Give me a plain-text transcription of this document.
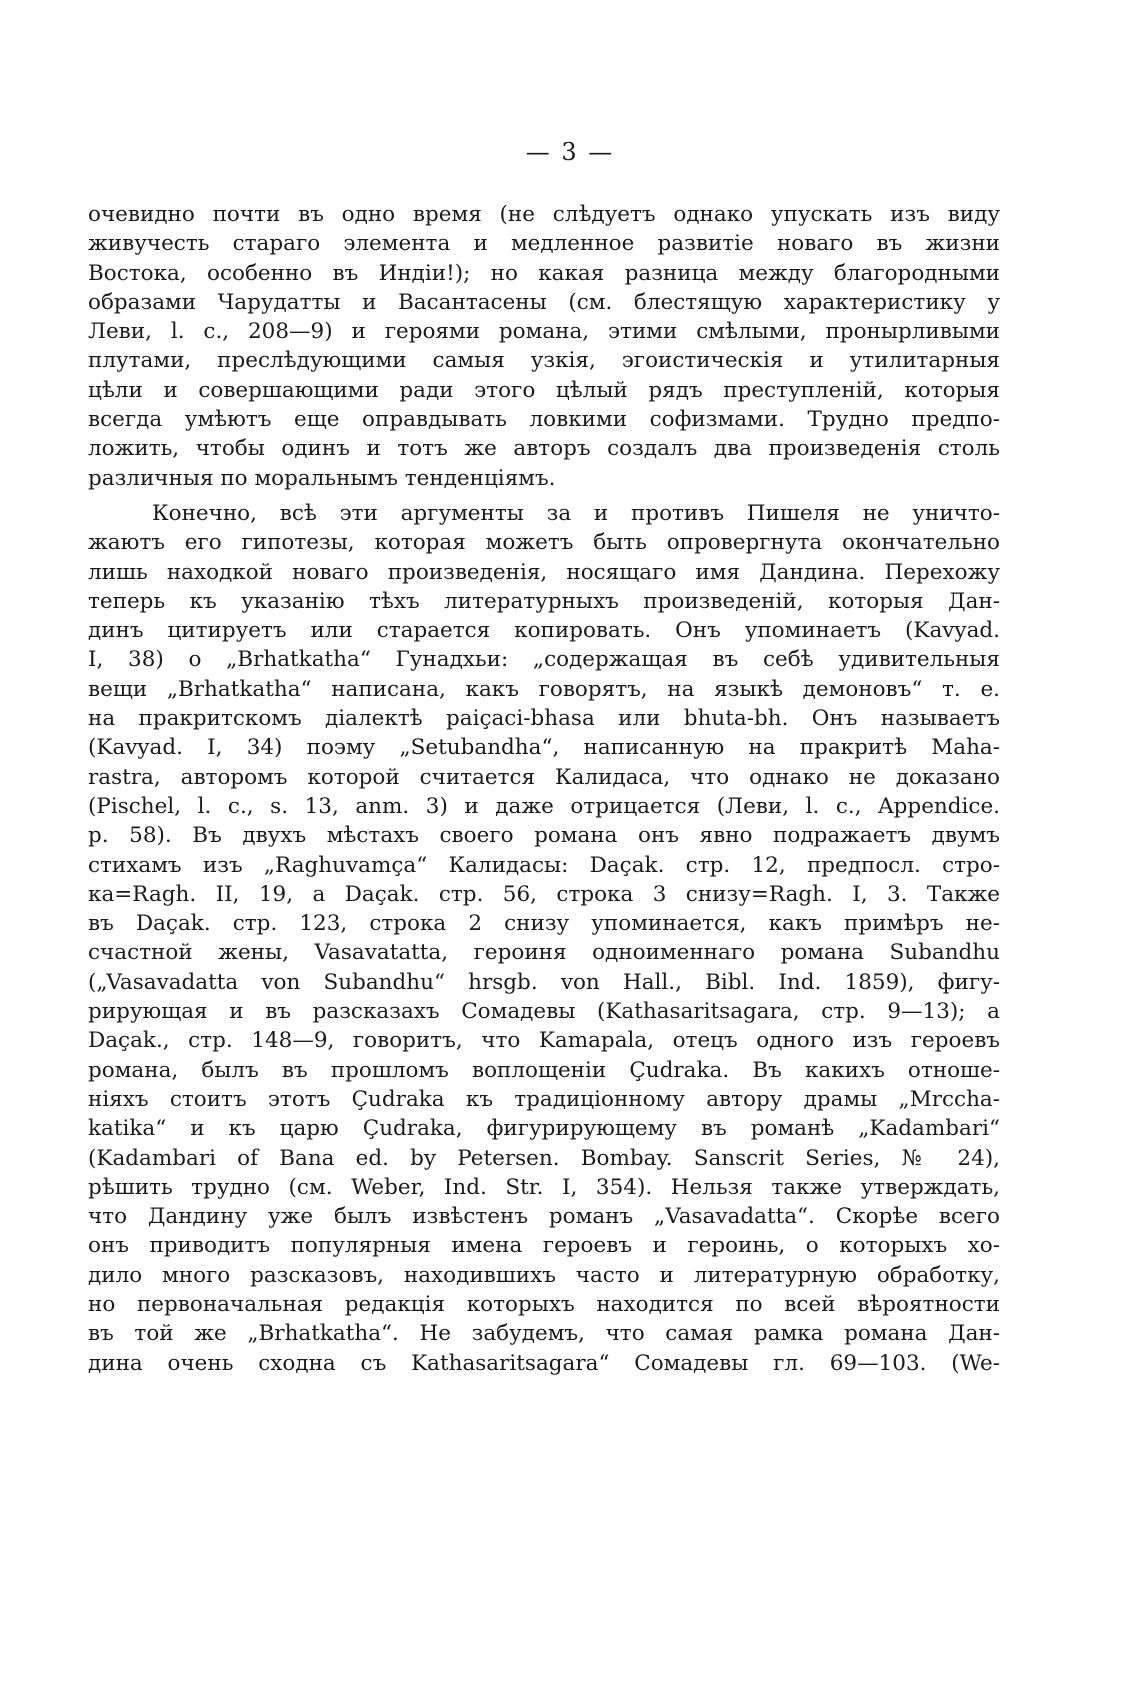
— 3 —
очевидно почти въ одно время (не слѣдуетъ однако упускать изъ виду
живучесть стараго элемента и медленное развитіе новаго въ жизни
Востока, особенно въ Индіи!); но какая разница между благородными
образами Чарудатты и Васантасены (см. блестящую характеристику у
Леви, l. c., 208—9) и героями романа, этими смѣлыми, пронырливыми
плутами, преслѣдующими самыя узкія, эгоистическія и утилитарныя
цѣли и совершающими ради этого цѣлый рядъ преступленій, которыя
всегда умѣютъ еще оправдывать ловкими софизмами. Трудно предпо-
ложить, чтобы одинъ и тотъ же авторъ создалъ два произведенія столь
различныя по моральнымъ тенденціямъ.
Конечно, всѣ эти аргументы за и противъ Пишеля не уничто-
жаютъ его гипотезы, которая можетъ быть опровергнута окончательно
лишь находкой новаго произведенія, носящаго имя Дандина. Перехожу
теперь къ указанію тѣхъ литературныхъ произведеній, которыя Дан-
динъ цитируетъ или старается копировать. Онъ упоминаетъ (Kavyad.
I, 38) о „Brhatkatha“ Гунадхьи: „содержащая въ себѣ удивительныя
вещи „Brhatkatha“ написана, какъ говорятъ, на языкѣ демоновъ“ т. е.
на пракритскомъ діалектѣ paiçaci-bhasa или bhuta-bh. Онъ называетъ
(Kavyad. I, 34) поэму „Setubandha“, написанную на пракритѣ Maha-
rastra, авторомъ которой считается Калидаса, что однако не доказано
(Pischel, l. c., s. 13, anm. 3) и даже отрицается (Леви, l. c., Appendice.
p. 58). Въ двухъ мѣстахъ своего романа онъ явно подражаетъ двумъ
стихамъ изъ „Raghuvamça“ Калидасы: Daçak. стр. 12, предпосл. стро-
ка=Ragh. II, 19, a Daçak. стр. 56, строка 3 снизу=Ragh. I, 3. Также
въ Daçak. стр. 123, строка 2 снизу упоминается, какъ примѣръ не-
счастной жены, Vasavatatta, героиня одноименнаго романа Subandhu
(„Vasavadatta von Subandhu“ hrsgb. von Hall., Bibl. Ind. 1859), фигу-
рирующая и въ разсказахъ Сомадевы (Kathasaritsagara, стр. 9—13); а
Daçak., стр. 148—9, говоритъ, что Kamapala, отецъ одного изъ героевъ
романа, былъ въ прошломъ воплощеніи Çudraka. Въ какихъ отноше-
ніяхъ стоитъ этотъ Çudraka къ традиціонному автору драмы „Mrccha-
katika“ и къ царю Çudraka, фигурирующему въ романѣ „Kadambari“
(Kadambari of Bana ed. by Petersen. Bombay. Sanscrit Series, № 24),
рѣшить трудно (см. Weber, Ind. Str. I, 354). Нельзя также утверждать,
что Дандину уже былъ извѣстенъ романъ „Vasavadatta“. Скорѣе всего
онъ приводитъ популярныя имена героевъ и героинь, о которыхъ хо-
дило много разсказовъ, находившихъ часто и литературную обработку,
но первоначальная редакція которыхъ находится по всей вѣроятности
въ той же „Brhatkatha“. Не забудемъ, что самая рамка романа Дан-
дина очень сходна съ Kathasaritsagara“ Сомадевы гл. 69—103. (We-
